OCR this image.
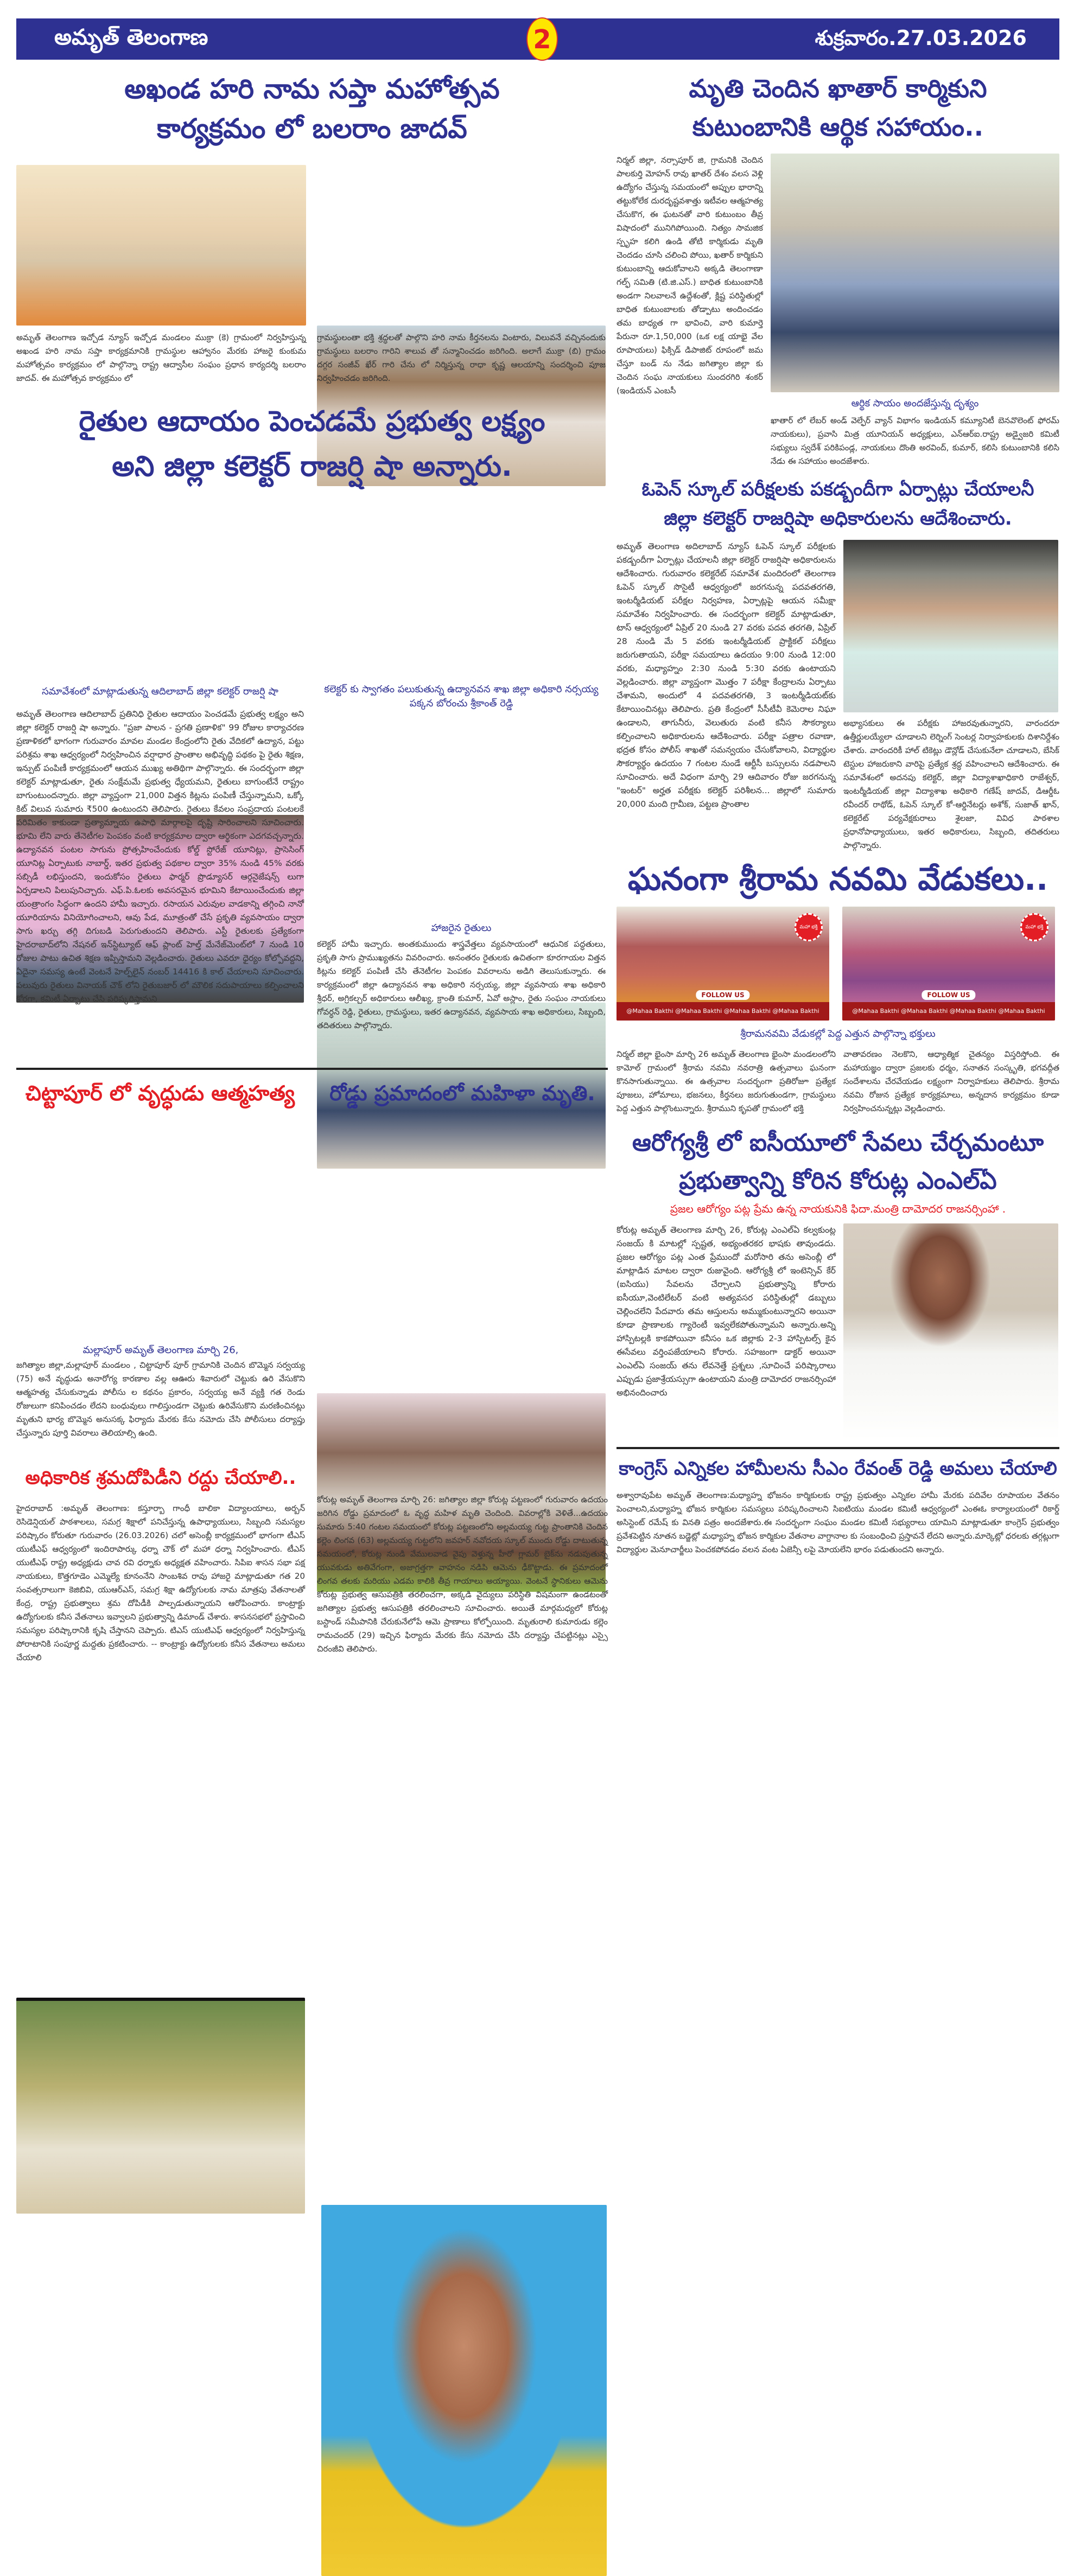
అమృత్ తెలంగాణ	2	శుక్రవారం.27.03.2026
అఖండ హరి నామ సప్తా మహోత్సవ
కార్యక్రమం లో బలరాం జాదవ్
అమృత్ తెలంగాణ ఇచ్చోడ న్యూస్ ఇచ్చోడ మండలం ముక్రా (కె) గ్రామంలో నిర్వహిస్తున్న అఖండ హరి నామ సప్తా కార్యక్రమానికి గ్రామస్థుల ఆహ్వానం మేరకు హాజరై కుంకుమ మహోత్సవం కార్యక్రమం లో పాల్గొన్నా రాష్ట్ర ఆద్వాసీల సంఘం ప్రధాన కార్యదర్శి బలరాం జాదవ్. ఈ మహోత్సవ కార్యక్రమం లో
గ్రామస్థులంతా భక్తి శ్రద్ధలతో పాల్గొని హరి నామ కీర్తనలను వింటారు, విలువనే వచ్చినందుకు గ్రామస్థులు బలరాం గారిని శాలువ తో సన్మానించడం జరిగింది. అలాగే ముక్రా (బి) గ్రామం దగ్గర సంజీవ్ ఖేర్ గారి చేను లో నిర్మిస్తున్న రాధా కృష్ణ ఆలయాన్ని సందర్శించి పూజ నిర్వహించడం జరిగింది.
రైతుల ఆదాయం పెంచడమే ప్రభుత్వ లక్ష్యం
అని జిల్లా కలెక్టర్ రాజర్షి షా అన్నారు.
సమావేశంలో మాట్లాడుతున్న ఆదిలాబాద్ జిల్లా కలెక్టర్ రాజర్షి షా	కలెక్టర్ కు స్వాగతం పలుకుతున్న ఉద్యానవన శాఖ జిల్లా అధికారి నర్సయ్య పక్కన బోరంచు శ్రీకాంత్ రెడ్డి
అమృత్ తెలంగాణ ఆదిలాబాద్ ప్రతినిధి రైతుల ఆదాయం పెంచడమే ప్రభుత్వ లక్ష్యం అని జిల్లా కలెక్టర్ రాజర్షి షా అన్నారు. "ప్రజా పాలన - ప్రగతి ప్రణాళిక" 99 రోజుల కార్యాచరణ ప్రణాళికలో భాగంగా గురువారం మావల మండల కేంద్రంలోని రైతు వేదికలో ఉద్యాన, పట్టు పరిశ్రమ శాఖ ఆధ్వర్యంలో నిర్వహించిన వర్షాధార ప్రాంతాల అభివృద్ధి పథకం పై రైతు శిక్షణ, ఇన్పుట్ పంపిణీ కార్యక్రమంలో ఆయన ముఖ్య అతిథిగా పాల్గొన్నారు. ఈ సందర్భంగా జిల్లా కలెక్టర్ మాట్లాడుతూ, రైతు సంక్షేమమే ప్రభుత్వ ధ్యేయమని, రైతులు బాగుంటేనే రాష్ట్రం బాగుంటుందన్నారు. జిల్లా వ్యాప్తంగా 21,000 విత్తన కిట్లను పంపిణీ చేస్తున్నామని, ఒక్కో కిట్ విలువ సుమారు ₹500 ఉంటుందని తెలిపారు. రైతులు కేవలం సంప్రదాయ పంటలకే పరిమితం కాకుండా ప్రత్యామ్నాయ ఉపాధి మార్గాలపై దృష్టి సారించాలని సూచించారు. భూమి లేని వారు తేనెటీగల పెంపకం వంటి కార్యక్రమాల ద్వారా ఆర్థికంగా ఎదగవచ్చన్నారు. ఉద్యానవన పంటల సాగును ప్రోత్సహించేందుకు కోల్డ్ స్టోరేజ్ యూనిట్లు, ప్రాసెసింగ్ యూనిట్ల ఏర్పాటుకు నాబార్డ్, ఇతర ప్రభుత్వ పథకాల ద్వారా 35% నుండి 45% వరకు సబ్సిడీ లభిస్తుందని, ఇందుకోసం రైతులు ఫార్మర్ ప్రొడ్యూసర్ ఆర్గనైజేషన్స్ లుగా ఏర్పడాలని పిలుపునిచ్చారు. ఎఫ్.పి.ఓలకు అవసరమైన భూమిని కేటాయించేందుకు జిల్లా యంత్రాంగం సిద్ధంగా ఉందని హామీ ఇచ్చారు. రసాయన ఎరువుల వాడకాన్ని తగ్గించి నానో యూరియాను వినియోగించాలని, ఆవు పేడ, మూత్రంతో చేసే ప్రకృతి వ్యవసాయం ద్వారా సాగు ఖర్చు తగ్గి దిగుబడి పెరుగుతుందని తెలిపారు. ఎస్టీ రైతులకు ప్రత్యేకంగా హైదరాబాద్‌లోని నేషనల్ ఇన్‌స్టిట్యూట్ ఆఫ్ ప్లాంట్ హెల్త్ మేనేజ్‌మెంట్‌లో 7 నుండి 10 రోజుల పాటు ఉచిత శిక్షణ ఇప్పిస్తామని వెల్లడించారు. రైతులు ఎవరూ ధైర్యం కోల్పోవద్దని, ఏదైనా సమస్య ఉంటే వెంటనే హెల్ప్‌లైన్ నంబర్ 14416 కి కాల్ చేయాలని సూచించారు. పలువురు రైతులు వినాయక్ చౌక్ లోని రైతుబజార్ లో మౌలిక సదుపాయాలు కల్పించాలని కోరగా, కమిటీ ఏర్పాటు చేసి పరిష్కరిస్తామని
హాజరైన రైతులు
కలెక్టర్ హామీ ఇచ్చారు. అంతకుముందు శాస్త్రవేత్తలు వ్యవసాయంలో ఆధునిక పద్ధతులు, ప్రకృతి సాగు ప్రాముఖ్యతను వివరించారు. అనంతరం రైతులకు ఉచితంగా కూరగాయల విత్తన కిట్లను కలెక్టర్ పంపిణీ చేసి తేనెటీగల పెంపకం వివరాలను అడిగి తెలుసుకున్నారు. ఈ కార్యక్రమంలో జిల్లా ఉద్యానవన శాఖ అధికారి నర్సయ్య, జిల్లా వ్యవసాయ శాఖ అధికారి శ్రీధర్, అగ్రికల్చర్ అధికారులు ఆలీఖ్య, క్రాంతి కుమార్, ఏవో అస్లాం, రైతు సంఘం నాయకులు గోవర్ధన్ రెడ్డి, రైతులు, గ్రామస్థులు, ఇతర ఉద్యానవన, వ్యవసాయ శాఖ అధికారులు, సిబ్బంది, తదితరులు పాల్గొన్నారు.
చిట్టాపూర్ లో వృద్ధుడు ఆత్మహత్య
మల్లాపూర్ అమృత్ తెలంగాణ మార్చి 26,
జగిత్యాల జిల్లా,మల్లాపూర్ మండలం , చిట్టాపూర్ పూర్ గ్రామానికి చెందిన బొమ్మెన సర్వయ్య (75) అనే వృద్ధుడు అనారోగ్య కారణాల వల్ల ఆఊరు శివారులో చెట్టుకు ఉరి వేసుకొని ఆత్మహత్య చేసుకున్నాడు పోలీసు ల కథనం ప్రకారం, సర్వయ్య అనే వ్యక్తి గత రెండు రోజులుగా కనిపించడం లేదని బంధువులు గాలిస్తుండగా చెట్టుకు ఉరివేసుకొని మరణించినట్లు మృతుని భార్య బొమ్మెన అనుసక్క ఫిర్యాదు మేరకు కేసు నమోదు చేసి పోలీసులు దర్యాప్తు చేస్తున్నారు పూర్తి వివరాలు తెలియాల్సి ఉంది.
అధికారిక శ్రమదోపిడీని రద్దు చేయాలి..
హైదరాబాద్ :అమృత్ తెలంగాణ: కస్తూర్బా గాంధీ బాలికా విద్యాలయాలు, అర్బన్ రెసిడెన్షియల్ పాఠశాలలు, సమగ్ర శిక్షాలో పనిచేస్తున్న ఉపాధ్యాయులు, సిబ్బంది సమస్యల పరిష్కారం కోరుతూ గురువారం (26.03.2026) చలో అసెంబ్లీ కార్యక్రమంలో భాగంగా టీఎస్ యుటీఎఫ్ ఆధ్వర్యంలో ఇందిరాపార్కు ధర్నా చౌక్ లో మహా ధర్నా నిర్వహించారు. టీఎస్ యుటీఎఫ్ రాష్ట్ర అధ్యక్షుడు చావ రవి ధర్నాకు అధ్యక్షత వహించారు. సిపిఐ శాసన సభా పక్ష నాయకులు, కొత్తగూడెం ఎమ్మెల్యే కూనంనేని సాంబశివ రావు హాజరై మాట్లాడుతూ గత 20 సంవత్సరాలుగా కెజిబివి, యుఆర్ఎస్, సమగ్ర శిక్షా ఉద్యోగులకు నామ మాత్రపు వేతనాలతో కేంద్ర, రాష్ట్ర ప్రభుత్వాలు శ్రమ దోపిడీకి పాల్పడుతున్నాయని ఆరోపించారు. కాంట్రాక్టు ఉద్యోగులకు కనీస వేతనాలు ఇవ్వాలని ప్రభుత్వాన్ని డిమాండ్ చేశారు. శాసనసభలో ప్రస్తావించి సమస్యల పరిష్కారానికి కృషి చేస్తానని చెప్పారు. టిఎస్ యుటిఎఫ్ ఆధ్వర్యంలో నిర్వహిస్తున్న పోరాటానికి సంపూర్ణ మద్దతు ప్రకటించారు. -- కాంట్రాక్టు ఉద్యోగులకు కనీస వేతనాలు అమలు చేయాలి
రోడ్డు ప్రమాదంలో మహిళా మృతి.
కోరుట్ల అమృత్ తెలంగాణ మార్చి 26: జగిత్యాల జిల్లా కోరుట్ల పట్టణంలో గురువారం ఉదయం జరిగిన రోడ్డు ప్రమాదంలో ఓ వృద్ధ మహిళ మృతి చెందింది. వివరాల్లోకి వెళితే...ఉదయం సుమారు 5:40 గంటల సమయంలో కోరుట్ల పట్టణంలోని అల్లమయ్య గుట్ట ప్రాంతానికి చెందిన కల్లెం లింగవ (63) అల్లమయ్య గుట్టలోని జవహర్ నవోదయ స్కూల్ ముందు రోడ్డు దాటుతున్న సమయంలో, కోరుట్ల నుండి వేములవాడ వైపు వెళ్తున్న హీరో గ్లామర్ బైక్‌ను నడుపుతున్న యువకుడు అతివేగంగా, అజాగ్రత్తగా వాహనం నడిపి ఆమెను ఢీకొట్టాడు. ఈ ప్రమాదంలో లింగవ తలకు మరియు ఎడమ కాలికి తీవ్ర గాయాలు అయ్యాయి. వెంటనే స్థానికులు ఆమెను కోరుట్ల ప్రభుత్వ ఆసుపత్రికి తరలించగా, అక్కడి వైద్యులు పరిస్థితి విషమంగా ఉండటంతో జగిత్యాల ప్రభుత్వ ఆసుపత్రికి తరలించాలని సూచించారు. అయితే మార్గమధ్యలో కోరుట్ల బస్టాండ్ సమీపానికి చేరుకునేలోపే ఆమె ప్రాణాలు కోల్పోయింది. మృతురాలి కుమారుడు కల్లెం రామచందర్ (29) ఇచ్చిన ఫిర్యాదు మేరకు కేసు నమోదు చేసి దర్యాప్తు చేపట్టినట్లు ఎస్సై చిరంజీవి తెలిపారు.
మృతి చెందిన ఖాతార్ కార్మికుని
కుటుంబానికి ఆర్థిక సహాయం..
నిర్మల్ జిల్లా, నర్సాపూర్ జి, గ్రామనికి చెందిన పాలకుర్తి మోహన్ రావు ఖాతర్ దేశం వలస వెళ్లి ఉద్యోగం చేస్తున్న సమయంలో అప్పుల భారాన్ని తట్టుకోలేక దురదృష్టవశాత్తు ఇటీవల ఆత్మహత్య చేసుకొగ, ఈ ఘటనతో వారి కుటుంబం తీవ్ర విషాదంలో మునిగిపోయింది. నిత్యం సామజిక స్పృహ కలిగి ఉండి తోటి కార్మికుడు మృతి చెందడం చూసి చలించి పోయి, ఖతార్ కార్మికుని కుటుంబాన్ని ఆదుకోవాలని అక్కడి తెలంగాణా గల్ఫ్ సమితి (టి.జి.ఎస్.) బాధిత కుటుంబానికి అండగా నిలవాలనే ఉద్దేశంతో, క్లిష్ట పరిస్థితుల్లో బాధిత కుటుంబాలకు తోడ్పాటు అందించడం తమ బాధ్యత గా భావించి, వారి కుమార్తె పేరునా రూ.1,50,000 (ఒక లక్ష యాభై వేల రూపాయలు) ఫిక్సిడ్ డిపాజిట్ రూపంలో జమ చేస్తూ బండ్ ను నేడు జగిత్యాల జిల్లా కు చెందిన సంఘ నాయకులు సుందరగిరి శంకర్ (ఇండియన్ ఎంబసీ
ఆర్థిక సాయం అందజేస్తున్న దృశ్యం
ఖాతార్ లో లేబర్ అండ్ వెల్ఫేర్ వ్యాన్ విభాగం ఇండియన్ కమ్యూనిటీ బెనవొలెంట్ ఫోరమ్ నాయకులు), ప్రవాసి మిత్ర యూనియన్ అధ్యక్షులు, ఎన్ఆర్ఐ.రాష్ట్ర అడ్వైజరి కమిటీ సభ్యులు స్వదేశ్ పరికిపండ్ల, నాయకులు దొంతి అరవింద్, కుమార్, కలిసి కుటుంబానికి కలిసి నేడు ఈ సహాయం అందజేశారు.
ఓపెన్ స్కూల్ పరీక్షలకు పకడ్బందీగా ఏర్పాట్లు చేయాలనీ
జిల్లా కలెక్టర్ రాజర్షిషా అధికారులను ఆదేశించారు.
అమృత్ తెలంగాణ అదిలాబాద్ న్యూస్ ఓపెన్ స్కూల్ పరీక్షలకు పకడ్బందీగా ఏర్పాట్లు చేయాలనీ జిల్లా కలెక్టర్ రాజర్షిషా అధికారులను ఆదేశించారు. గురువారం కలెక్టరేట్ సమావేశ మందిరంలో తెలంగాణ ఓపెన్ స్కూల్ సొసైటీ ఆధ్వర్యంలో జరగనున్న పదవతరగతి, ఇంటర్మీడియట్ పరీక్షల నిర్వహణ, ఏర్పాట్లపై ఆయన సమీక్షా సమావేశం నిర్వహించారు. ఈ సందర్భంగా కలెక్టర్ మాట్లాడుతూ, టాస్ ఆధ్వర్యంలో ఏప్రిల్ 20 నుండి 27 వరకు పదవ తరగతి, ఏప్రిల్ 28 నుండి మే 5 వరకు ఇంటర్మీడియట్ ప్రాక్టికల్ పరీక్షలు జరుగుతాయని, పరీక్షా సమయాలు ఉదయం 9:00 నుండి 12:00 వరకు, మధ్యాహ్నం 2:30 నుండి 5:30 వరకు ఉంటాయని వెల్లడించారు. జిల్లా వ్యాప్తంగా మొత్తం 7 పరీక్షా కేంద్రాలను ఏర్పాటు చేశామని, అందులో 4 పదవతరగతి, 3 ఇంటర్మీడియట్‌కు కేటాయించినట్లు తెలిపారు. ప్రతి కేంద్రంలో సీసీటీవీ కెమెరాల నిఘా ఉండాలని, తాగునీరు, వెలుతురు వంటి కనీస సౌకర్యాలు కల్పించాలని అధికారులను ఆదేశించారు. పరీక్షా పత్రాల రవాణా, భద్రత కోసం పోలీస్ శాఖతో సమన్వయం చేసుకోవాలని, విద్యార్థుల సౌకర్యార్థం ఉదయం 7 గంటల నుండే ఆర్టీసీ బస్సులను నడపాలని సూచించారు. అదే విధంగా మార్చి 29 ఆదివారం రోజు జరగనున్న "ఇంటర్" అర్హత పరీక్షకు కలెక్టర్ పరిశీలన... జిల్లాలో సుమారు 20,000 మంది గ్రామీణ, పట్టణ ప్రాంతాల
అభ్యాసకులు ఈ పరీక్షకు హాజరవుతున్నారని, వారందరూ ఉత్తీర్ణులయ్యేలా చూడాలని లెర్నింగ్ సెంటర్ల నిర్వాహకులకు దిశానిర్దేశం చేశారు. వారందరికీ హాల్ టికెట్లు డౌన్లోడ్ చేసుకునేలా చూడాలని, బేసిక్ టెస్టుల హాజరుకాని వారిపై ప్రత్యేక శ్రద్ధ వహించాలని ఆదేశించారు. ఈ సమావేశంలో అదనపు కలెక్టర్, జిల్లా విద్యాశాఖాధికారి రాజేశ్వర్, ఇంటర్మీడియట్ జిల్లా విద్యాశాఖ అధికారి గణేష్ జాదవ్, డిఆర్డీఓ రవీందర్ రాథోడ్, ఓపెన్ స్కూల్ కో-ఆర్డినేటర్లు అశోక్, సుజాత్ ఖాన్, కలెక్టరేట్ పర్యవేక్షకురాలు శైలజా, వివిధ పాఠశాల ప్రధానోపాధ్యాయులు, ఇతర అధికారులు, సిబ్బంది, తదితరులు పాల్గొన్నారు.
ఘనంగా శ్రీరామ నవమి వేడుకలు..
మహా భక్తి
FOLLOW US
@Mahaa Bakthi @Mahaa Bakthi @Mahaa Bakthi @Mahaa Bakthi
మహా భక్తి
FOLLOW US
@Mahaa Bakthi @Mahaa Bakthi @Mahaa Bakthi @Mahaa Bakthi
శ్రీరామనవమి వేడుకల్లో పెద్ద ఎత్తున పాల్గొన్నా భక్తులు
నిర్మల్ జిల్లా భైంసా మార్చి 26 అమృత్ తెలంగాణ భైంసా మండలంలోని కామోల్ గ్రామంలో శ్రీరామ నవమి నవరాత్రి ఉత్సవాలు ఘనంగా కొనసాగుతున్నాయి. ఈ ఉత్సవాల సందర్భంగా ప్రతిరోజూ ప్రత్యేక పూజలు, హోమాలు, భజనలు, కీర్తనలు జరుగుతుండగా, గ్రామస్థులు పెద్ద ఎత్తున పాల్గొంటున్నారు. శ్రీరాముని కృపతో గ్రామంలో భక్తి
వాతావరణం నెలకొని, ఆధ్యాత్మిక చైతన్యం విస్తరిస్తోంది. ఈ మహాయజ్ఞం ద్వారా ప్రజలకు ధర్మం, సనాతన సంస్కృతి, భగవద్గీత సందేశాలను చేరవేయడం లక్ష్యంగా నిర్వాహకులు తెలిపారు. శ్రీరామ నవమి రోజున ప్రత్యేక కార్యక్రమాలు, అన్నదాన కార్యక్రమం కూడా నిర్వహించనున్నట్లు వెల్లడించారు.
ఆరోగ్యశ్రీ లో ఐసీయూలో సేవలు చేర్చమంటూ
ప్రభుత్వాన్ని కోరిన కోరుట్ల ఎంఎల్ఏ
ప్రజల ఆరోగ్యం పట్ల ప్రేమ ఉన్న నాయకునికి ఫిదా.మంత్రి దామోదర రాజనర్సింహా .
కోరుట్ల అమృత్ తెలంగాణ మార్చి 26, కోరుట్ల ఎంఎల్ఏ కల్వకుంట్ల సంజయ్ కి మాటల్లో స్పష్టత, అభ్యంతరకర భాషకు తావుండదు. ప్రజల ఆరోగ్యం పట్ల ఎంత ప్రేముందో మరోసారి తను అసెంబ్లీ లో మాట్లాడిన మాటల ద్వారా రుజువైంది. ఆరోగ్యశ్రీ లో ఇంటెన్సివ్ కేర్ (ఐసియు) సేవలను చేర్చాలని ప్రభుత్వాన్ని కోరారు ఐసీయూ,వెంటిలేటర్ వంటి అత్యవసర పరిస్థితుల్లో డబ్బులు చెల్లించలేని పేదవారు తమ ఆస్తులను అమ్ముకుంటున్నారని అయినా కూడా ప్రాణాలకు గ్యారెంటీ ఇవ్వలేకపోతున్నామని అన్నారు.అన్ని హాస్పిటల్లకి కాకపోయినా కనీసం ఒక జిల్లాకు 2-3 హాస్పిటల్స్ కైన ఈసేవలు వర్తింపజేయాలని కోరారు. సహజంగా డాక్టర్ అయినా ఎంఎల్ఏ సంజయ్ తను లేవనెత్తే ప్రశ్నలు ,సూచించే పరిష్కారాలు ఎప్పుడు ప్రజాశ్రేయస్సుగా ఉంటాయని మంత్రి దామోదర రాజనర్సింహా అభినందించారు
కాంగ్రెస్ ఎన్నికల హామీలను సీఎం రేవంత్ రెడ్డి అమలు చేయాలి
అశ్వారావుపేట అమృత్ తెలంగాణ:మధ్యాహ్న భోజనం కార్మికులకు రాష్ట్ర ప్రభుత్వం ఎన్నికల హామీ మేరకు పదివేల రూపాయల వేతనం పెంచాలని,మధ్యాహ్న భోజన కార్మికుల సమస్యలు పరిష్కరించాలని సిఐటియు మండల కమిటీ ఆధ్వర్యంలో ఎంఈఓ కార్యాలయంలో రికార్డ్ అసిస్టెంట్ రమేష్ కు వినతి పత్రం అందజేశారు.ఈ సందర్భంగా సంఘం మండల కమిటీ సభ్యురాలు యామిని మాట్లాడుతూ కాంగ్రెస్ ప్రభుత్వం ప్రవేశపెట్టిన నూతన బడ్జెట్లో మధ్యాహ్న భోజన కార్మికుల వేతనాల వాగ్దానాల కు సంబంధించి ప్రస్తావనే లేదని అన్నారు.మార్కెట్లో ధరలకు తగ్గట్లుగా విద్యార్థుల మెనూచార్జీలు పెంచకపోవడం వలన వంట ఏజెన్సీ లపై మోయలేని భారం పడుతుందని అన్నారు.
